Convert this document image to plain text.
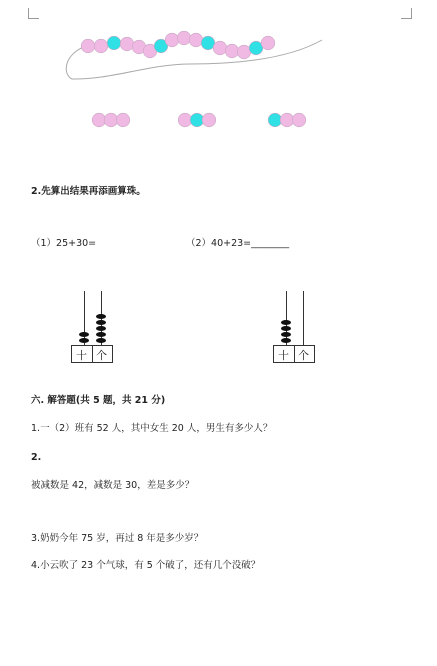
2.先算出结果再添画算珠。
（1）25+30=	（2）40+23=________
十 个	十 个
六. 解答题(共 5 题，共 21 分)
1.一（2）班有 52 人，其中女生 20 人，男生有多少人？
2.
被减数是 42，减数是 30，差是多少？
3.奶奶今年 75 岁，再过 8 年是多少岁？
4.小云吹了 23 个气球，有 5 个破了，还有几个没破？
